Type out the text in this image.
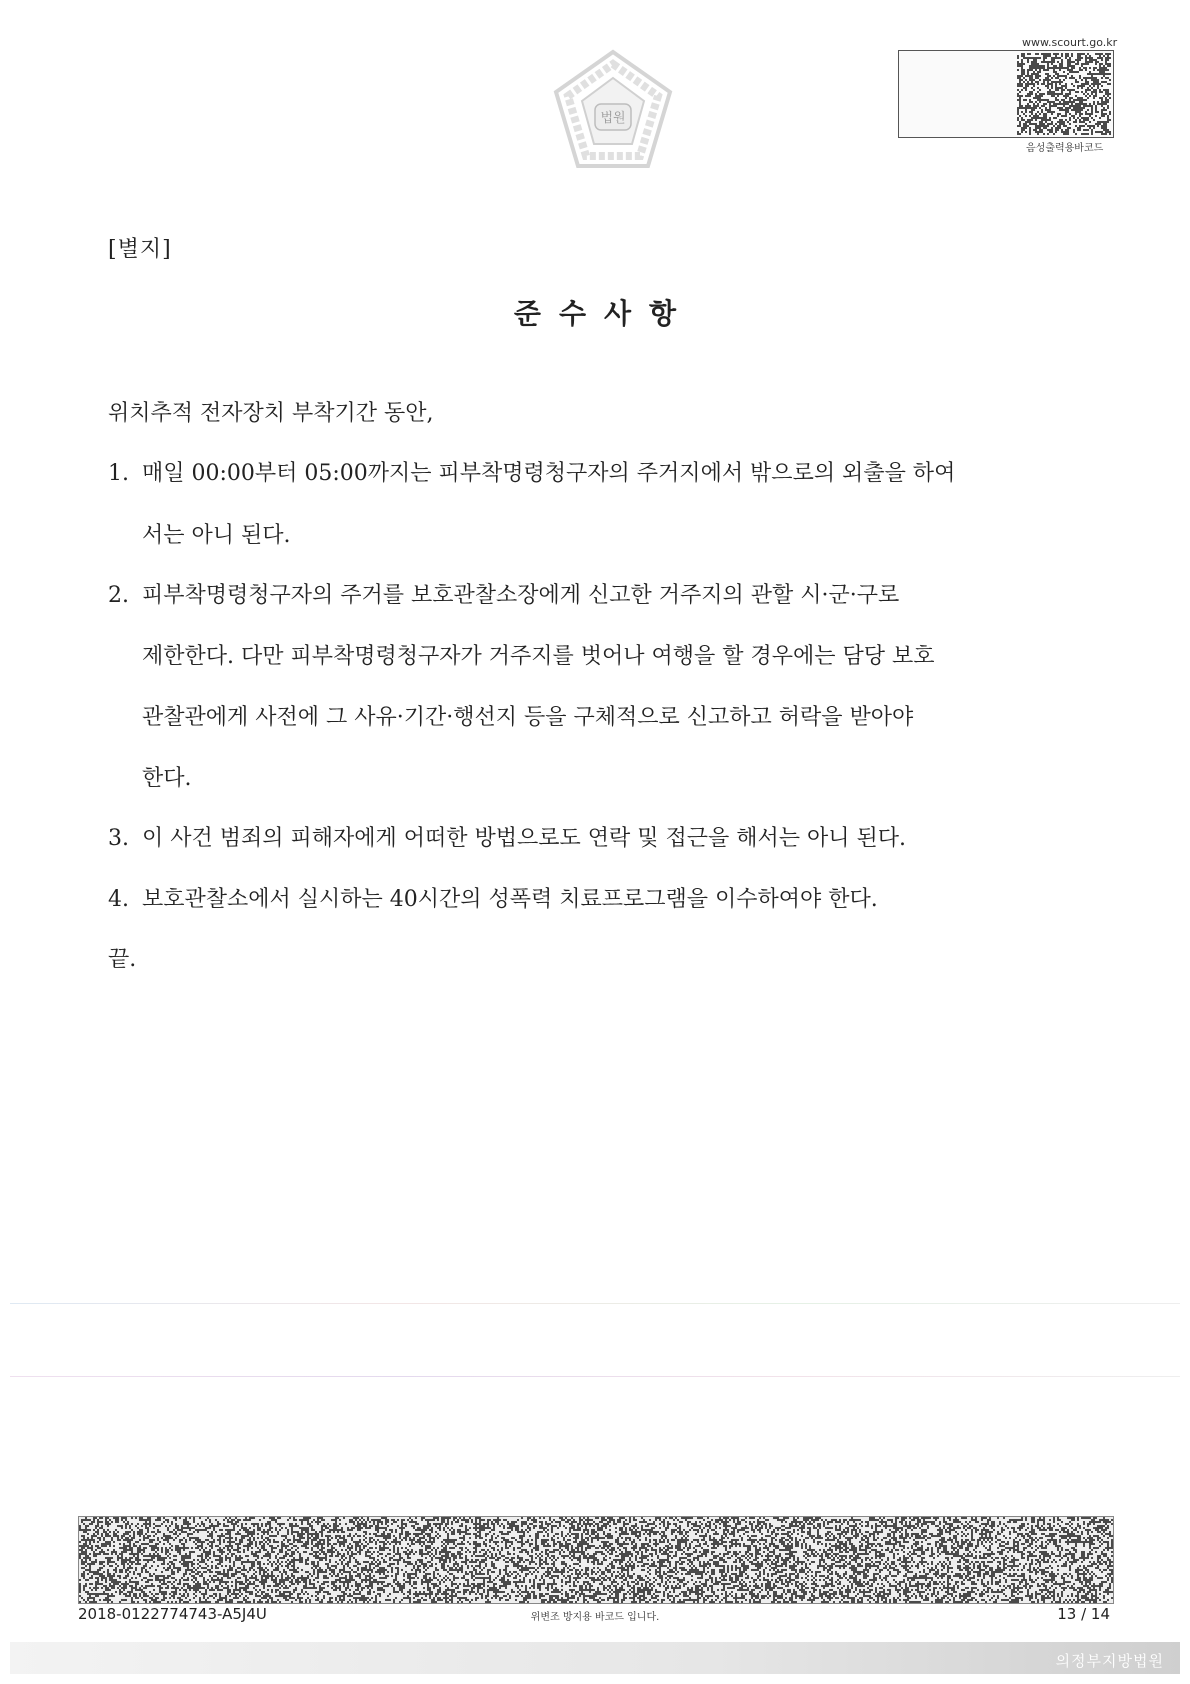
법원
www.scourt.go.kr
음성출력용바코드
[별지]
준수사항
위치추적 전자장치 부착기간 동안,
1. 매일 00:00부터 05:00까지는 피부착명령청구자의 주거지에서 밖으로의 외출을 하여
서는 아니 된다.
2. 피부착명령청구자의 주거를 보호관찰소장에게 신고한 거주지의 관할 시·군·구로
제한한다. 다만 피부착명령청구자가 거주지를 벗어나 여행을 할 경우에는 담당 보호
관찰관에게 사전에 그 사유·기간·행선지 등을 구체적으로 신고하고 허락을 받아야
한다.
3. 이 사건 범죄의 피해자에게 어떠한 방법으로도 연락 및 접근을 해서는 아니 된다.
4. 보호관찰소에서 실시하는 40시간의 성폭력 치료프로그램을 이수하여야 한다.
끝.
2018-0122774743-A5J4U	위변조 방지용 바코드 입니다.	13 / 14
의정부지방법원
